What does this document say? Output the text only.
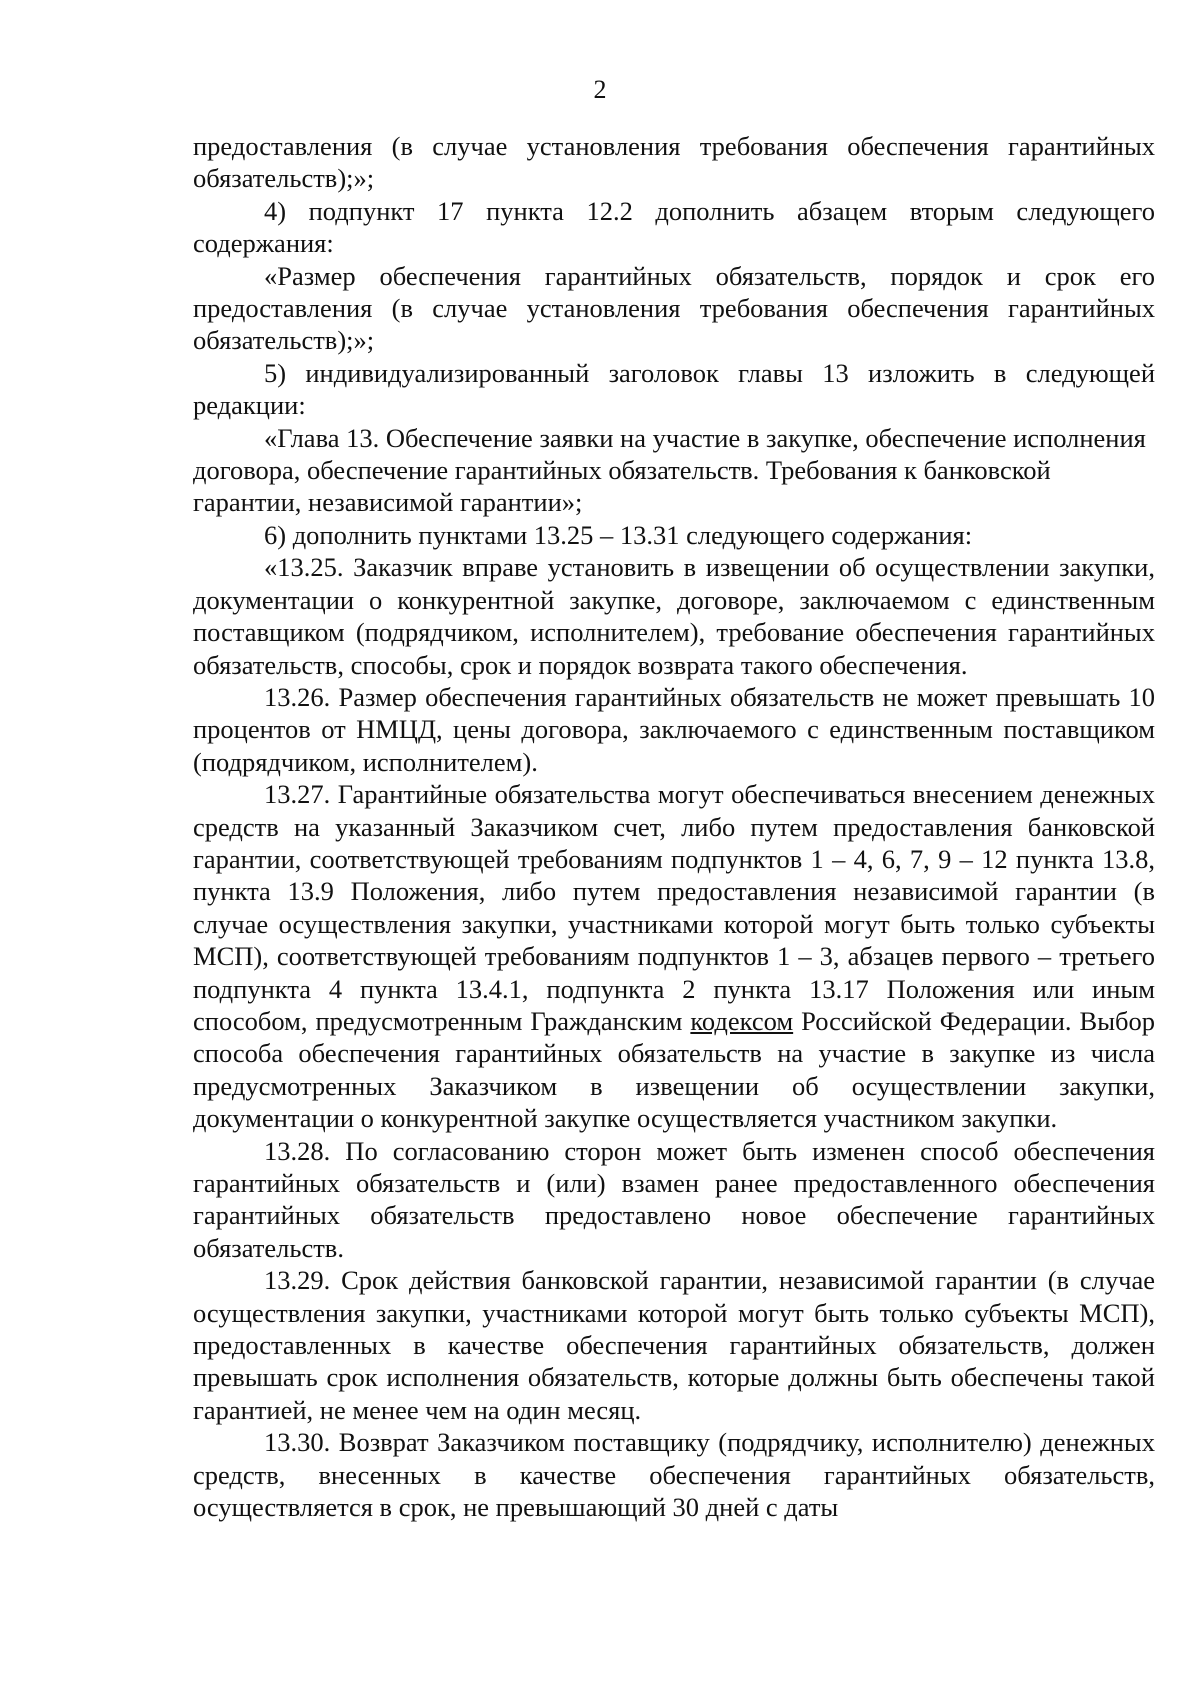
2

предоставления (в случае установления требования обеспечения гарантийных обязательств);»;

4) подпункт 17 пункта 12.2 дополнить абзацем вторым следующего содержания:

«Размер обеспечения гарантийных обязательств, порядок и срок его предоставления (в случае установления требования обеспечения гарантийных обязательств);»;

5) индивидуализированный заголовок главы 13 изложить в следующей редакции:

«Глава 13. Обеспечение заявки на участие в закупке, обеспечение исполнения договора, обеспечение гарантийных обязательств. Требования к банковской гарантии, независимой гарантии»;

6) дополнить пунктами 13.25 – 13.31 следующего содержания:

«13.25. Заказчик вправе установить в извещении об осуществлении закупки, документации о конкурентной закупке, договоре, заключаемом с единственным поставщиком (подрядчиком, исполнителем), требование обеспечения гарантийных обязательств, способы, срок и порядок возврата такого обеспечения.

13.26. Размер обеспечения гарантийных обязательств не может превышать 10 процентов от НМЦД, цены договора, заключаемого с единственным поставщиком (подрядчиком, исполнителем).

13.27. Гарантийные обязательства могут обеспечиваться внесением денежных средств на указанный Заказчиком счет, либо путем предоставления банковской гарантии, соответствующей требованиям подпунктов 1 – 4, 6, 7, 9 – 12 пункта 13.8, пункта 13.9 Положения, либо путем предоставления независимой гарантии (в случае осуществления закупки, участниками которой могут быть только субъекты МСП), соответствующей требованиям подпунктов 1 – 3, абзацев первого – третьего подпункта 4 пункта 13.4.1, подпункта 2 пункта 13.17 Положения или иным способом, предусмотренным Гражданским кодексом Российской Федерации. Выбор способа обеспечения гарантийных обязательств на участие в закупке из числа предусмотренных Заказчиком в извещении об осуществлении закупки, документации о конкурентной закупке осуществляется участником закупки.

13.28. По согласованию сторон может быть изменен способ обеспечения гарантийных обязательств и (или) взамен ранее предоставленного обеспечения гарантийных обязательств предоставлено новое обеспечение гарантийных обязательств.

13.29. Срок действия банковской гарантии, независимой гарантии (в случае осуществления закупки, участниками которой могут быть только субъекты МСП), предоставленных в качестве обеспечения гарантийных обязательств, должен превышать срок исполнения обязательств, которые должны быть обеспечены такой гарантией, не менее чем на один месяц.

13.30. Возврат Заказчиком поставщику (подрядчику, исполнителю) денежных средств, внесенных в качестве обеспечения гарантийных обязательств, осуществляется в срок, не превышающий 30 дней с даты
